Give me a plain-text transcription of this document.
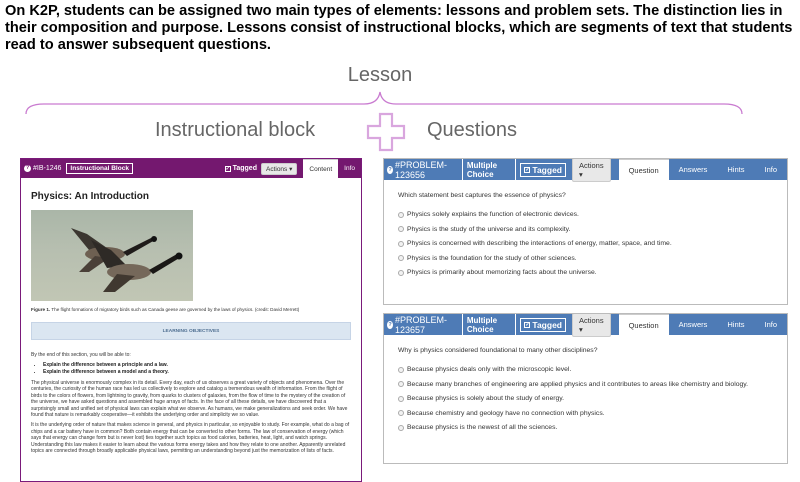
On K2P, students can be assigned two main types of elements: lessons and problem sets. The distinction lies in their composition and purpose. Lessons consist of instructional blocks, which are segments of text that students read to answer subsequent questions.
Lesson
Instructional block	Questions
? #IB-1246	Instructional Block	✓ Tagged	Actions ▾	Content	Info
Physics: An Introduction
Figure 1. The flight formations of migratory birds such as Canada geese are governed by the laws of physics. (credit: David Merrett)
LEARNING OBJECTIVES

By the end of this section, you will be able to:

• Explain the difference between a principle and a law.
• Explain the difference between a model and a theory.

The physical universe is enormously complex in its detail. Every day, each of us observes a great variety of objects and phenomena. Over the centuries, the curiosity of the human race has led us collectively to explore and catalog a tremendous wealth of information. From the flight of birds to the colors of flowers, from lightning to gravity, from quarks to clusters of galaxies, from the flow of time to the mystery of the creation of the universe, we have asked questions and assembled huge arrays of facts. In the face of all these details, we have discovered that a surprisingly small and unified set of physical laws can explain what we observe. As humans, we make generalizations and seek order. We have found that nature is remarkably cooperative—it exhibits the underlying order and simplicity we so value.

It is the underlying order of nature that makes science in general, and physics in particular, so enjoyable to study. For example, what do a bag of chips and a car battery have in common? Both contain energy that can be converted to other forms. The law of conservation of energy (which says that energy can change form but is never lost) ties together such topics as food calories, batteries, heat, light, and watch springs. Understanding this law makes it easier to learn about the various forms energy takes and how they relate to one another. Apparently unrelated topics are connected through broadly applicable physical laws, permitting an understanding beyond just the memorization of lists of facts.

? #PROBLEM-123656
Multiple Choice	✓ Tagged	Actions ▾	Question	Answers	Hints	Info
Which statement best captures the essence of physics?
Physics solely explains the function of electronic devices.
Physics is the study of the universe and its complexity.
Physics is concerned with describing the interactions of energy, matter, space, and time.
Physics is the foundation for the study of other sciences.
Physics is primarily about memorizing facts about the universe.
? #PROBLEM-123657
Multiple Choice	✓ Tagged	Actions ▾	Question	Answers	Hints	Info
Why is physics considered foundational to many other disciplines?
Because physics deals only with the microscopic level.
Because many branches of engineering are applied physics and it contributes to areas like chemistry and biology.
Because physics is solely about the study of energy.
Because chemistry and geology have no connection with physics.
Because physics is the newest of all the sciences.
